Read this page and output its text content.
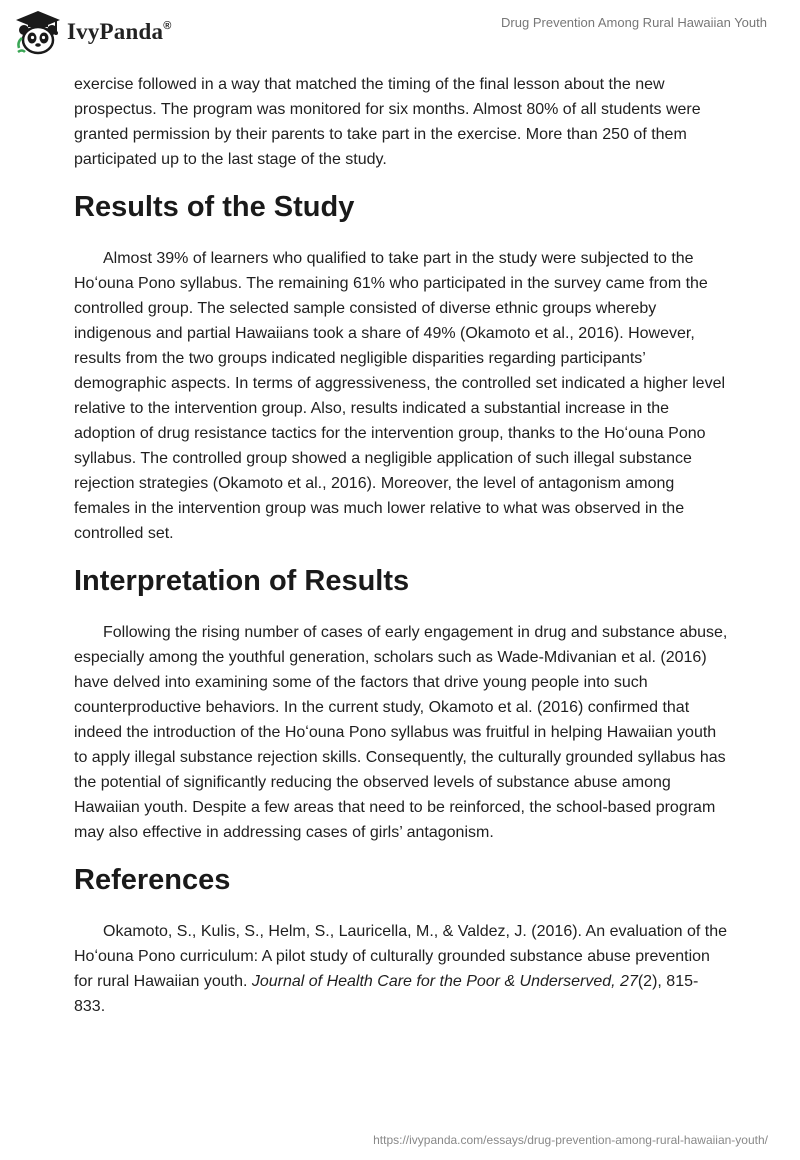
IvyPanda®	Drug Prevention Among Rural Hawaiian Youth

exercise followed in a way that matched the timing of the final lesson about the new prospectus. The program was monitored for six months. Almost 80% of all students were granted permission by their parents to take part in the exercise. More than 250 of them participated up to the last stage of the study.

Results of the Study

Almost 39% of learners who qualified to take part in the study were subjected to the Hoʻouna Pono syllabus. The remaining 61% who participated in the survey came from the controlled group. The selected sample consisted of diverse ethnic groups whereby indigenous and partial Hawaiians took a share of 49% (Okamoto et al., 2016). However, results from the two groups indicated negligible disparities regarding participants’ demographic aspects. In terms of aggressiveness, the controlled set indicated a higher level relative to the intervention group. Also, results indicated a substantial increase in the adoption of drug resistance tactics for the intervention group, thanks to the Hoʻouna Pono syllabus. The controlled group showed a negligible application of such illegal substance rejection strategies (Okamoto et al., 2016). Moreover, the level of antagonism among females in the intervention group was much lower relative to what was observed in the controlled set.

Interpretation of Results

Following the rising number of cases of early engagement in drug and substance abuse, especially among the youthful generation, scholars such as Wade-Mdivanian et al. (2016) have delved into examining some of the factors that drive young people into such counterproductive behaviors. In the current study, Okamoto et al. (2016) confirmed that indeed the introduction of the Hoʻouna Pono syllabus was fruitful in helping Hawaiian youth to apply illegal substance rejection skills. Consequently, the culturally grounded syllabus has the potential of significantly reducing the observed levels of substance abuse among Hawaiian youth. Despite a few areas that need to be reinforced, the school-based program may also effective in addressing cases of girls’ antagonism.

References

Okamoto, S., Kulis, S., Helm, S., Lauricella, M., & Valdez, J. (2016). An evaluation of the Hoʻouna Pono curriculum: A pilot study of culturally grounded substance abuse prevention for rural Hawaiian youth. Journal of Health Care for the Poor & Underserved, 27(2), 815-833.

https://ivypanda.com/essays/drug-prevention-among-rural-hawaiian-youth/
